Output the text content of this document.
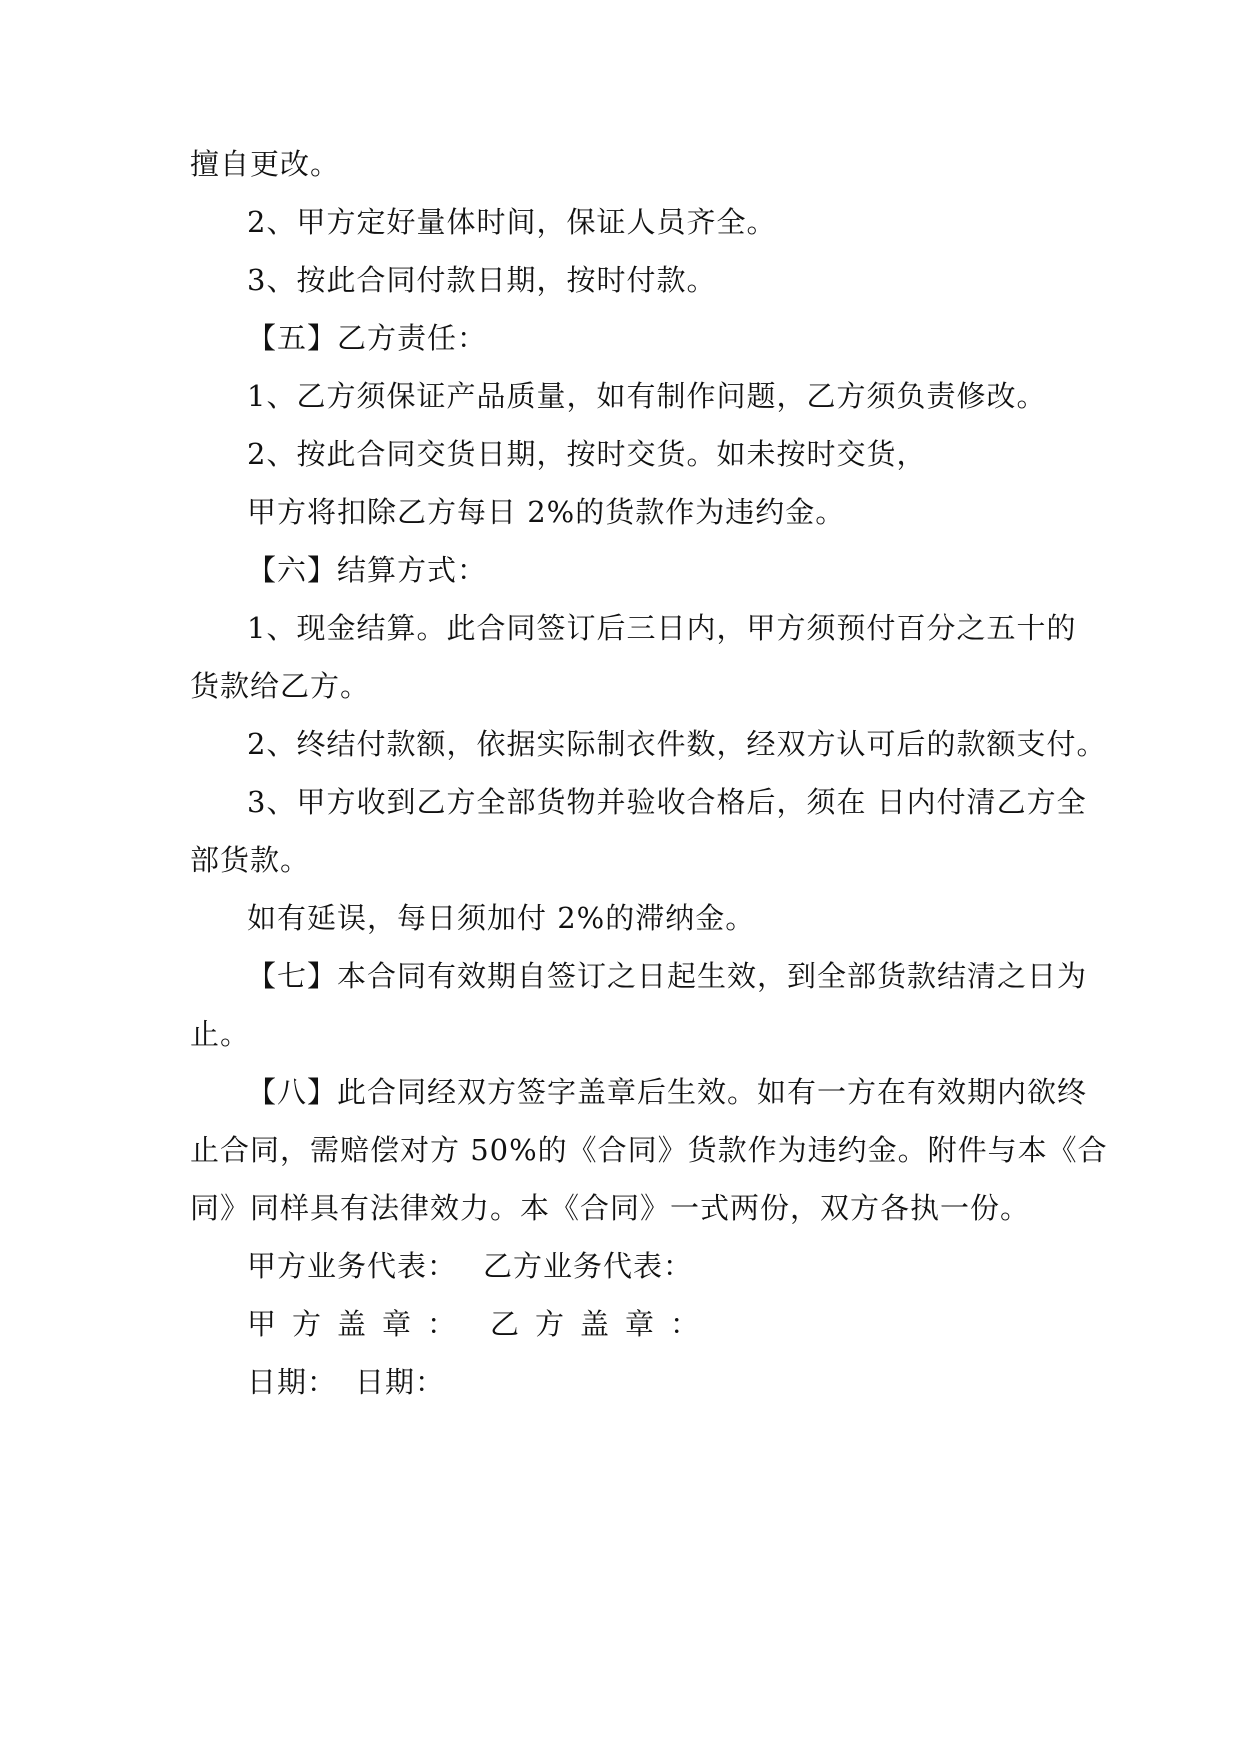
擅自更改。
2、甲方定好量体时间，保证人员齐全。
3、按此合同付款日期，按时付款。
【五】乙方责任：
1、乙方须保证产品质量，如有制作问题，乙方须负责修改。
2、按此合同交货日期，按时交货。如未按时交货，
甲方将扣除乙方每日 2%的货款作为违约金。
【六】结算方式：
1、现金结算。此合同签订后三日内，甲方须预付百分之五十的
货款给乙方。
2、终结付款额，依据实际制衣件数，经双方认可后的款额支付。
3、甲方收到乙方全部货物并验收合格后，须在 日内付清乙方全
部货款。
如有延误，每日须加付 2%的滞纳金。
【七】本合同有效期自签订之日起生效，到全部货款结清之日为
止。
【八】此合同经双方签字盖章后生效。如有一方在有效期内欲终
止合同，需赔偿对方 50%的《合同》货款作为违约金。附件与本《合
同》同样具有法律效力。本《合同》一式两份，双方各执一份。
甲方业务代表： 乙方业务代表：
甲方盖章： 乙方盖章：
日期： 日期：
